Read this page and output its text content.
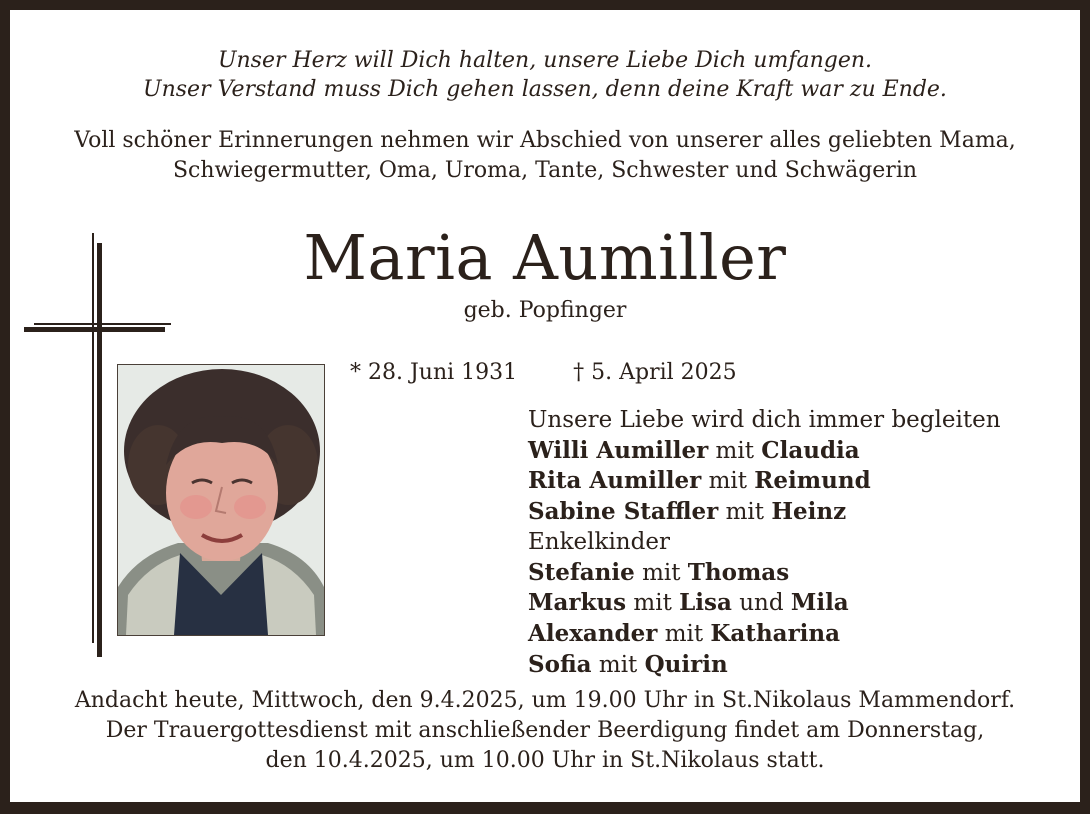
Unser Herz will Dich halten, unsere Liebe Dich umfangen.
Unser Verstand muss Dich gehen lassen, denn deine Kraft war zu Ende.
Voll schöner Erinnerungen nehmen wir Abschied von unserer alles geliebten Mama,
Schwiegermutter, Oma, Uroma, Tante, Schwester und Schwägerin
Maria Aumiller
geb. Popfinger
* 28. Juni 1931	† 5. April 2025
Unsere Liebe wird dich immer begleiten
Willi Aumiller mit Claudia
Rita Aumiller mit Reimund
Sabine Staffler mit Heinz
Enkelkinder
Stefanie mit Thomas
Markus mit Lisa und Mila
Alexander mit Katharina
Sofia mit Quirin
Andacht heute, Mittwoch, den 9.4.2025, um 19.00 Uhr in St.Nikolaus Mammendorf.
Der Trauergottesdienst mit anschließender Beerdigung findet am Donnerstag,
den 10.4.2025, um 10.00 Uhr in St.Nikolaus statt.
